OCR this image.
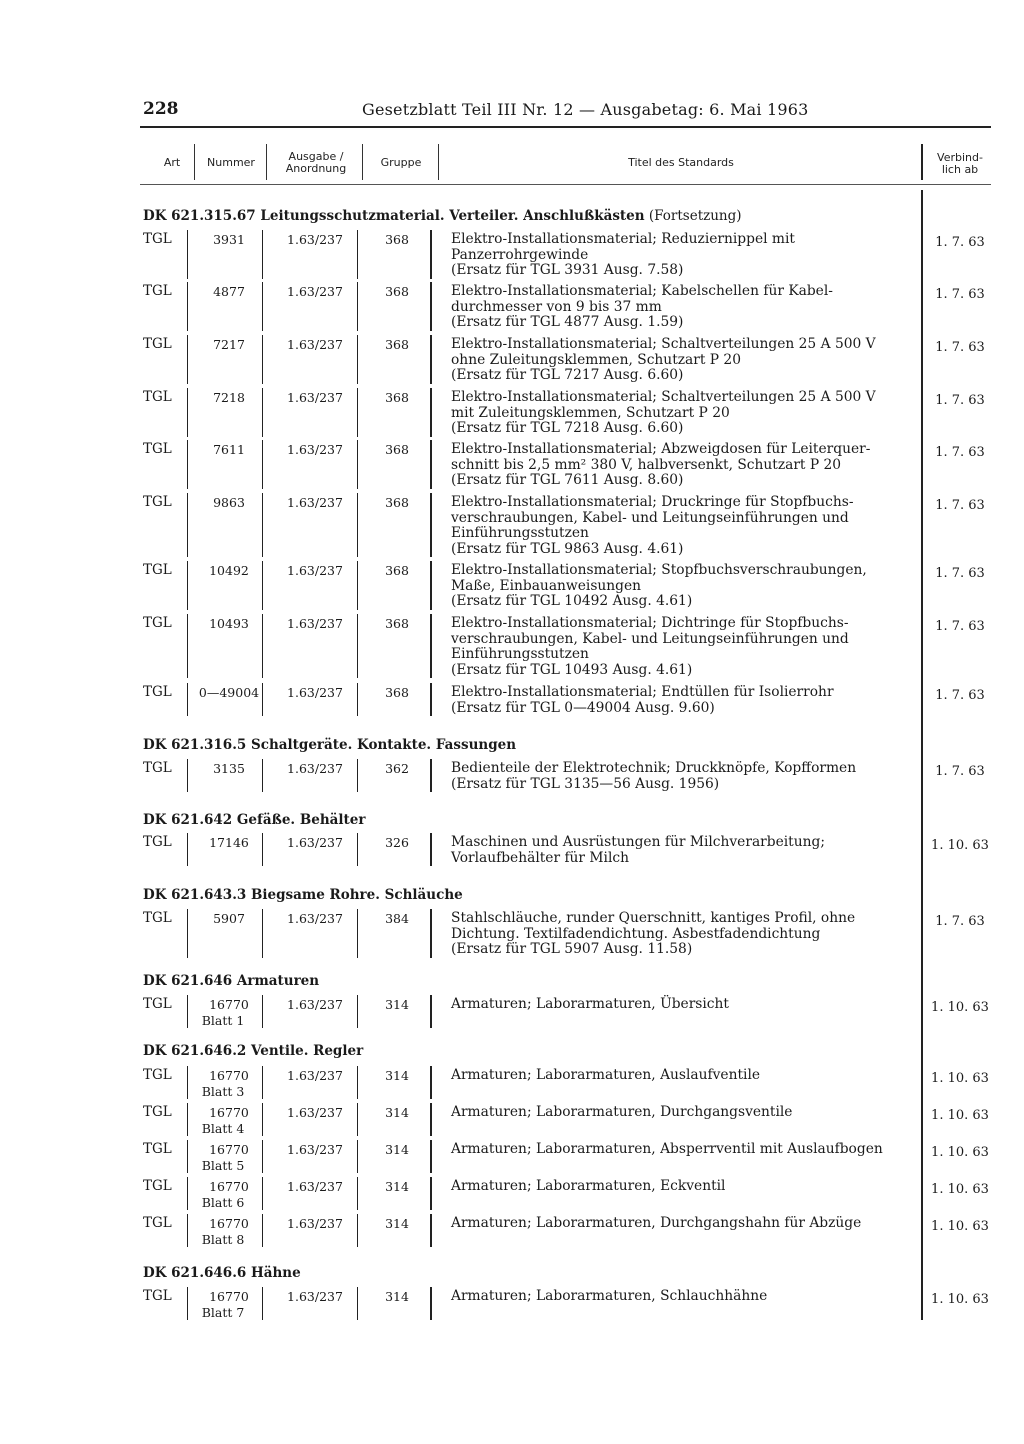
228	Gesetzblatt Teil III Nr. 12 — Ausgabetag: 6. Mai 1963
Art	Nummer	Ausgabe /
Anordnung	Gruppe	Titel des Standards	Verbind-
lich ab
DK 621.315.67 Leitungsschutzmaterial. Verteiler. Anschlußkästen (Fortsetzung)
TGL	3931	1.63/237	368	Elektro-Installationsmaterial; Reduziernippel mit
Panzerrohrgewinde
(Ersatz für TGL 3931 Ausg. 7.58)
1. 7. 63
TGL	4877	1.63/237	368	Elektro-Installationsmaterial; Kabelschellen für Kabel-
durchmesser von 9 bis 37 mm
(Ersatz für TGL 4877 Ausg. 1.59)
1. 7. 63
TGL	7217	1.63/237	368	Elektro-Installationsmaterial; Schaltverteilungen 25 A 500 V
ohne Zuleitungsklemmen, Schutzart P 20
(Ersatz für TGL 7217 Ausg. 6.60)
1. 7. 63
TGL	7218	1.63/237	368	Elektro-Installationsmaterial; Schaltverteilungen 25 A 500 V
mit Zuleitungsklemmen, Schutzart P 20
(Ersatz für TGL 7218 Ausg. 6.60)
1. 7. 63
TGL	7611	1.63/237	368	Elektro-Installationsmaterial; Abzweigdosen für Leiterquer-
schnitt bis 2,5 mm² 380 V, halbversenkt, Schutzart P 20
(Ersatz für TGL 7611 Ausg. 8.60)
1. 7. 63
TGL	9863	1.63/237	368	Elektro-Installationsmaterial; Druckringe für Stopfbuchs-
verschraubungen, Kabel- und Leitungseinführungen und
Einführungsstutzen
(Ersatz für TGL 9863 Ausg. 4.61)
1. 7. 63
TGL	10492	1.63/237	368	Elektro-Installationsmaterial; Stopfbuchsverschraubungen,
Maße, Einbauanweisungen
(Ersatz für TGL 10492 Ausg. 4.61)
1. 7. 63
TGL	10493	1.63/237	368	Elektro-Installationsmaterial; Dichtringe für Stopfbuchs-
verschraubungen, Kabel- und Leitungseinführungen und
Einführungsstutzen
(Ersatz für TGL 10493 Ausg. 4.61)
1. 7. 63
TGL 0—49004	1.63/237	368	Elektro-Installationsmaterial; Endtüllen für Isolierrohr
(Ersatz für TGL 0—49004 Ausg. 9.60)
1. 7. 63
DK 621.316.5 Schaltgeräte. Kontakte. Fassungen
TGL	3135	1.63/237	362	Bedienteile der Elektrotechnik; Druckknöpfe, Kopfformen
(Ersatz für TGL 3135—56 Ausg. 1956)
1. 7. 63
DK 621.642 Gefäße. Behälter
TGL	17146	1.63/237	326	Maschinen und Ausrüstungen für Milchverarbeitung;
Vorlaufbehälter für Milch
1. 10. 63
DK 621.643.3 Biegsame Rohre. Schläuche
TGL	5907	1.63/237	384	Stahlschläuche, runder Querschnitt, kantiges Profil, ohne
Dichtung. Textilfadendichtung. Asbestfadendichtung
(Ersatz für TGL 5907 Ausg. 11.58)
1. 7. 63
DK 621.646 Armaturen
TGL	16770
Blatt 1
1.63/237	314	Armaturen; Laborarmaturen, Übersicht	1. 10. 63
DK 621.646.2 Ventile. Regler
TGL	16770
Blatt 3
1.63/237	314	Armaturen; Laborarmaturen, Auslaufventile	1. 10. 63
TGL	16770
Blatt 4
1.63/237	314	Armaturen; Laborarmaturen, Durchgangsventile	1. 10. 63
TGL	16770
Blatt 5
1.63/237	314	Armaturen; Laborarmaturen, Absperrventil mit Auslaufbogen	1. 10. 63
TGL	16770
Blatt 6
1.63/237	314	Armaturen; Laborarmaturen, Eckventil	1. 10. 63
TGL	16770
Blatt 8
1.63/237	314	Armaturen; Laborarmaturen, Durchgangshahn für Abzüge	1. 10. 63
DK 621.646.6 Hähne
TGL	16770
Blatt 7
1.63/237	314	Armaturen; Laborarmaturen, Schlauchhähne	1. 10. 63
